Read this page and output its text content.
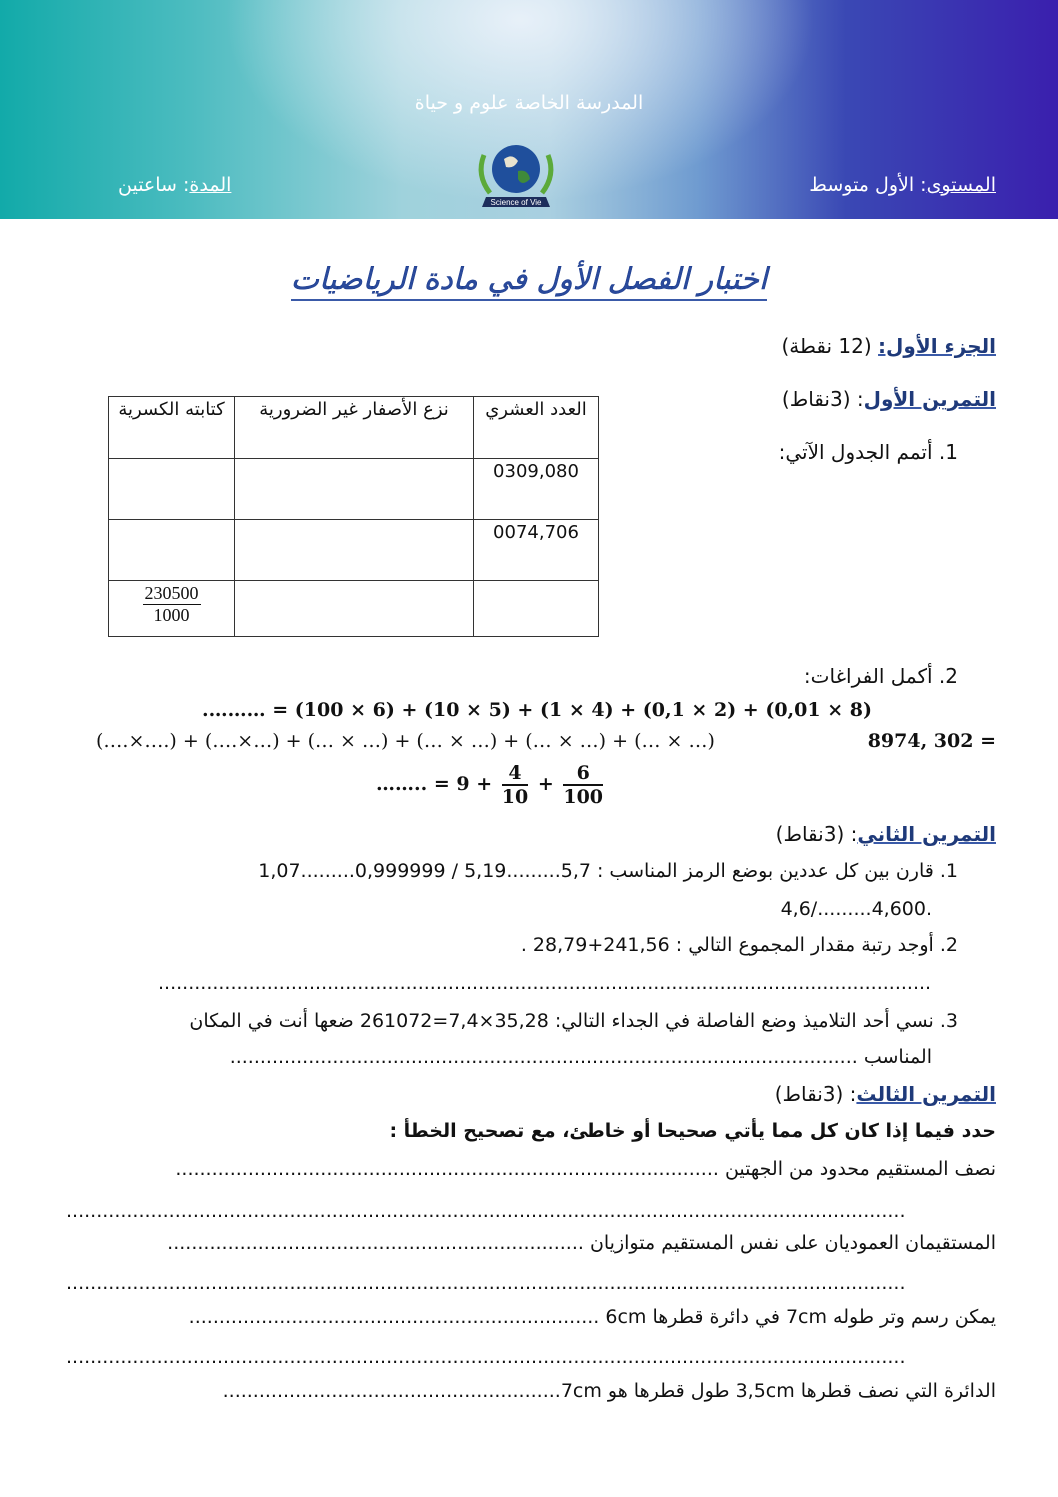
المدرسة الخاصة علوم و حياة
Science of Vie
المستوى: الأول متوسط
المدة: ساعتين
اختبار الفصل الأول في مادة الرياضيات
الجزء الأول: (12 نقطة)
التمرين الأول: (3نقاط)
1. أتمم الجدول الآتي:
العدد العشري	نزع الأصفار غير الضرورية	كتابته الكسرية
0309,080		
0074,706		

		$\frac{230500}{1000}$
2. أكمل الفراغات:
(8 × 0,01) + (2 × 0,1) + (4 × 1) + (5 × 10) + (6 × 100) = ……….
(….×….) + (….×…) + (… × …) + (… × …) + (… × …) + (… × …)	8974, 302 =
…….. = $9 + \frac{4}{10} + \frac{6}{100}$
التمرين الثاني: (3نقاط)
1. قارن بين كل عددين بوضع الرمز المناسب : 5,7.........5,19 / 0,999999.........1,07
4,6/.........4,600.
2. أوجد رتبة مقدار المجموع التالي : 241,56+28,79 .
................................................................................................................................
3. نسي أحد التلاميذ وضع الفاصلة في الجداء التالي: 35,28×7,4=261072 ضعها أنت في المكان
المناسب ........................................................................................................
التمرين الثالث: (3نقاط)
حدد فيما إذا كان كل مما يأتي صحيحا أو خاطئ، مع تصحيح الخطأ :
نصف المستقيم محدود من الجهتين ..........................................................................................
...........................................................................................................................................
المستقيمان العموديان على نفس المستقيم متوازيان .....................................................................
...........................................................................................................................................
يمكن رسم وتر طوله 7cm في دائرة قطرها 6cm ....................................................................
...........................................................................................................................................
الدائرة التي نصف قطرها 3,5cm طول قطرها هو 7cm........................................................
